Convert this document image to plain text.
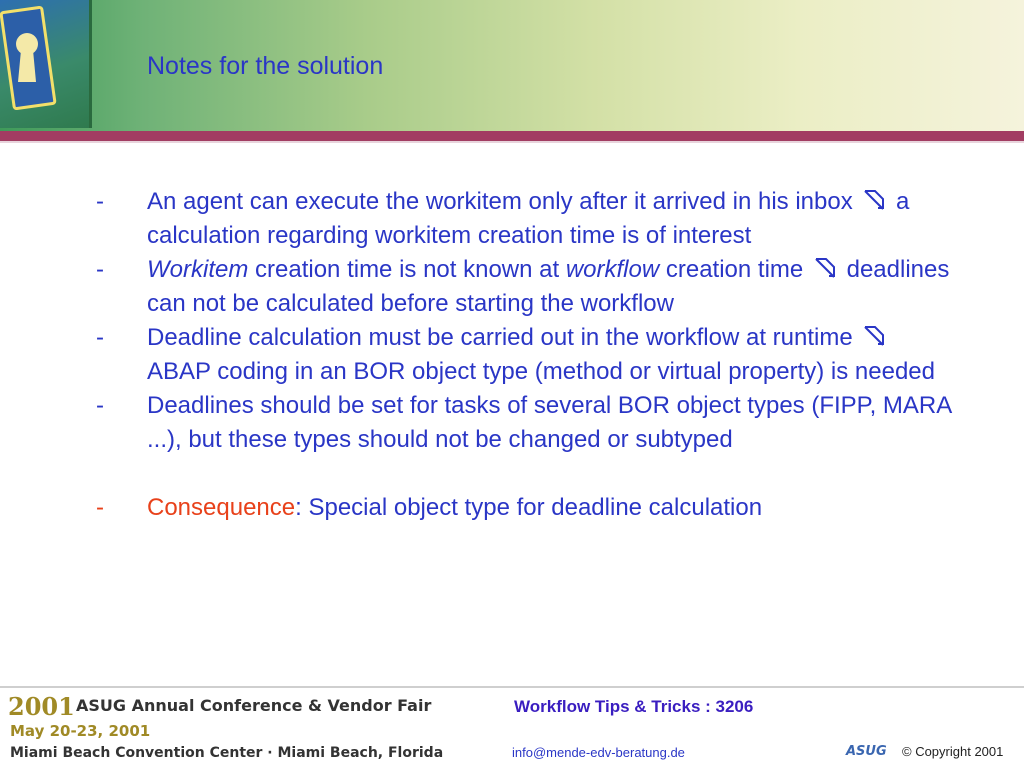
Notes for the solution
-	An agent can execute the workitem only after it arrived in his inbox  a calculation regarding workitem creation time is of interest
-	Workitem creation time is not known at workflow creation time  deadlines can not be calculated before starting the workflow
-	Deadline calculation must be carried out in the workflow at runtime  ABAP coding in an BOR object type (method or virtual property) is needed
-	Deadlines should be set for tasks of several BOR object types (FIPP, MARA ...), but these types should not be changed or subtyped
-	Consequence: Special object type for deadline calculation
2001 ASUG Annual Conference & Vendor Fair
May 20-23, 2001
Miami Beach Convention Center · Miami Beach, Florida
Workflow Tips & Tricks : 3206
info@mende-edv-beratung.de	ASUG © Copyright 2001
